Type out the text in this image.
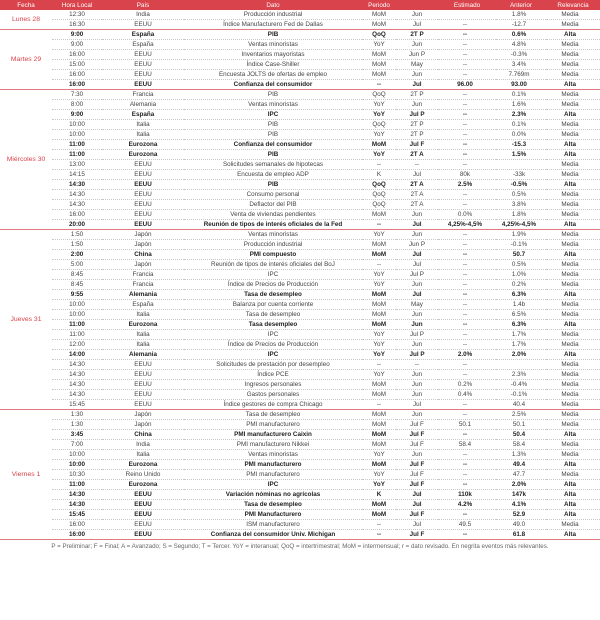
Fecha	Hora Local	País	Dato	Periodo		Estimado	Anterior	Relevancia
Lunes 28	12:30	India	Producción industrial	MoM	Jun		1.8%	Media
	16:30	EEUU	Índice Manufacturero Fed de Dallas	MoM	Jul	--	-12.7	Media
Martes 29	9:00	España	PIB	QoQ	2T P	--	0.6%	Alta
	9:00	España	Ventas minoristas	YoY	Jun	--	4.8%	Media
	16:00	EEUU	Inventarios mayoristas	MoM	Jun P	--	-0.3%	Media
	15:00	EEUU	Índice Case-Shiller	MoM	May	--	3.4%	Media
	16:00	EEUU	Encuesta JOLTS de ofertas de empleo	MoM	Jun	--	7.769m	Media
	16:00	EEUU	Confianza del consumidor	--	Jul	96.00	93.00	Alta
Miércoles 30	7:30	Francia	PIB	QoQ	2T P	--	0.1%	Media
	8:00	Alemania	Ventas minoristas	YoY	Jun	--	1.6%	Media
	9:00	España	IPC	YoY	Jul P	--	2.3%	Alta
	10:00	Italia	PIB	QoQ	2T P	--	0.1%	Media
	10:00	Italia	PIB	YoY	2T P	--	0.0%	Media
	11:00	Eurozona	Confianza del consumidor	MoM	Jul F	--	-15.3	Alta
	11:00	Eurozona	PIB	YoY	2T A	--	1.5%	Alta
	13:00	EEUU	Solicitudes semanales de hipotecas	--	--	--		Media
	14:15	EEUU	Encuesta de empleo ADP	K	Jul	80k	-33k	Media
	14:30	EEUU	PIB	QoQ	2T A	2.5%	-0.5%	Alta
	14:30	EEUU	Consumo personal	QoQ	2T A	--	0.5%	Media
	14:30	EEUU	Deflactor del PIB	QoQ	2T A	--	3.8%	Media
	16:00	EEUU	Venta de viviendas pendientes	MoM	Jun	0.0%	1.8%	Media
	20:00	EEUU	Reunión de tipos de interés oficiales de la Fed	--	Jul	4,25%-4,5%	4,25%-4,5%	Alta
Jueves 31	1:50	Japón	Ventas minoristas	YoY	Jun	--	1.9%	Media
	1:50	Japón	Producción industrial	MoM	Jun P	--	-0.1%	Media
	2:00	China	PMI compuesto	MoM	Jul	--	50.7	Alta
	5:00	Japón	Reunión de tipos de interés oficiales del BoJ	--	Jul	--	0.5%	Media
	8:45	Francia	IPC	YoY	Jul P	--	1.0%	Media
	8:45	Francia	Índice de Precios de Producción	YoY	Jun	--	0.2%	Media
	9:55	Alemania	Tasa de desempleo	MoM	Jul	--	6.3%	Alta
	10:00	España	Balanza por cuenta corriente	MoM	May	--	1.4b	Media
	10:00	Italia	Tasa de desempleo	MoM	Jun	--	6.5%	Media
	11:00	Eurozona	Tasa desempleo	MoM	Jun	--	6.3%	Alta
	11:00	Italia	IPC	YoY	Jul P	--	1.7%	Media
	12:00	Italia	Índice de Precios de Producción	YoY	Jun	--	1.7%	Media
	14:00	Alemania	IPC	YoY	Jul P	2.0%	2.0%	Alta
	14:30	EEUU	Solicitudes de prestación por desempleo	--	--	--		Media
	14:30	EEUU	Índice PCE	YoY	Jun	--	2.3%	Media
	14:30	EEUU	Ingresos personales	MoM	Jun	0.2%	-0.4%	Media
	14:30	EEUU	Gastos personales	MoM	Jun	0.4%	-0.1%	Media
	15:45	EEUU	Índice gestores de compra Chicago	--	Jul	--	40.4	Media
Viernes 1	1:30	Japón	Tasa de desempleo	MoM	Jun	--	2.5%	Media
	1:30	Japón	PMI manufacturero	MoM	Jul F	50.1	50.1	Media
	3:45	China	PMI manufacturero Caixin	MoM	Jul F	--	50.4	Alta
	7:00	India	PMI manufacturero Nikkei	MoM	Jul F	58.4	58.4	Media
	10:00	Italia	Ventas minoristas	YoY	Jun	--	1.3%	Media
	10:00	Eurozona	PMI manufacturero	MoM	Jul F	--	49.4	Alta
	10:30	Reino Unido	PMI manufacturero	YoY	Jul F	--	47.7	Media
	11:00	Eurozona	IPC	YoY	Jul F	--	2.0%	Alta
	14:30	EEUU	Variación nóminas no agrícolas	K	Jul	110k	147k	Alta
	14:30	EEUU	Tasa de desempleo	MoM	Jul	4.2%	4.1%	Alta
	15:45	EEUU	PMI Manufacturero	MoM	Jul F	--	52.9	Alta
	16:00	EEUU	ISM manufacturero	--	Jul	49.5	49.0	Media
	16:00	EEUU	Confianza del consumidor Univ. Michigan	--	Jul F	--	61.8	Alta
P = Preliminar; F = Final; A = Avanzado; S = Segundo; T = Tercer. YoY = interanual; QoQ = intertrimestral; MoM = intermensual; r = dato revisado. En negrita eventos más relevantes.
